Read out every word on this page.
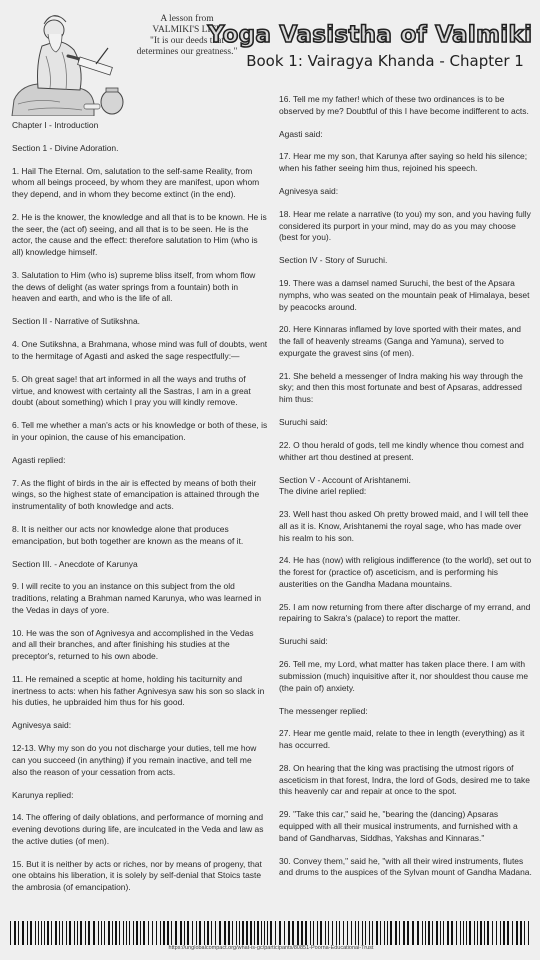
A lesson from
VALMIKI'S LIFE
"It is our deeds that
determines our greatness."
Yoga Vasistha of Valmiki
Book 1: Vairagya Khanda - Chapter 1

Chapter I - Introduction

Section 1 - Divine Adoration.

1. Hail The Eternal. Om, salutation to the self-same Reality, from whom all beings proceed, by whom they are manifest, upon whom they depend, and in whom they become extinct (in the end).

2. He is the knower, the knowledge and all that is to be known. He is the seer, the (act of) seeing, and all that is to be seen. He is the actor, the cause and the effect: therefore salutation to Him (who is all) knowledge himself.

3. Salutation to Him (who is) supreme bliss itself, from whom flow the dews of delight (as water springs from a fountain) both in heaven and earth, and who is the life of all.

Section II - Narrative of Sutikshna.

4. One Sutikshna, a Brahmana, whose mind was full of doubts, went to the hermitage of Agasti and asked the sage respectfully:—

5. Oh great sage! that art informed in all the ways and truths of virtue, and knowest with certainty all the Sastras, I am in a great doubt (about something) which I pray you will kindly remove.

6. Tell me whether a man's acts or his knowledge or both of these, is in your opinion, the cause of his emancipation.

Agasti replied:

7. As the flight of birds in the air is effected by means of both their wings, so the highest state of emancipation is attained through the instrumentality of both knowledge and acts.

8. It is neither our acts nor knowledge alone that produces emancipation, but both together are known as the means of it.

Section III. - Anecdote of Karunya

9. I will recite to you an instance on this subject from the old traditions, relating a Brahman named Karunya, who was learned in the Vedas in days of yore.

10. He was the son of Agnivesya and accomplished in the Vedas and all their branches, and after finishing his studies at the preceptor's, returned to his own abode.

11. He remained a sceptic at home, holding his taciturnity and inertness to acts: when his father Agnivesya saw his son so slack in his duties, he upbraided him thus for his good.

Agnivesya said:

12-13. Why my son do you not discharge your duties, tell me how can you succeed (in anything) if you remain inactive, and tell me also the reason of your cessation from acts.

Karunya replied:

14. The offering of daily oblations, and performance of morning and evening devotions during life, are inculcated in the Veda and law as the active duties (of men).

15. But it is neither by acts or riches, nor by means of progeny, that one obtains his liberation, it is solely by self-denial that Stoics taste the ambrosia (of emancipation).

16. Tell me my father! which of these two ordinances is to be observed by me? Doubtful of this I have become indifferent to acts.

Agasti said:

17. Hear me my son, that Karunya after saying so held his silence; when his father seeing him thus, rejoined his speech.

Agnivesya said:

18. Hear me relate a narrative (to you) my son, and you having fully considered its purport in your mind, may do as you may choose (best for you).

Section IV - Story of Suruchi.

19. There was a damsel named Suruchi, the best of the Apsara nymphs, who was seated on the mountain peak of Himalaya, beset by peacocks around.

20. Here Kinnaras inflamed by love sported with their mates, and the fall of heavenly streams (Ganga and Yamuna), served to expurgate the gravest sins (of men).

21. She beheld a messenger of Indra making his way through the sky; and then this most fortunate and best of Apsaras, addressed him thus:

Suruchi said:

22. O thou herald of gods, tell me kindly whence thou comest and whither art thou destined at present.

Section V - Account of Arishtanemi.

The divine ariel replied:

23. Well hast thou asked Oh pretty browed maid, and I will tell thee all as it is. Know, Arishtanemi the royal sage, who has made over his realm to his son.

24. He has (now) with religious indifference (to the world), set out to the forest for (practice of) asceticism, and is performing his austerities on the Gandha Madana mountains.

25. I am now returning from there after discharge of my errand, and repairing to Sakra's (palace) to report the matter.

Suruchi said:

26. Tell me, my Lord, what matter has taken place there. I am with submission (much) inquisitive after it, nor shouldest thou cause me (the pain of) anxiety.

The messenger replied:

27. Hear me gentle maid, relate to thee in length (everything) as it has occurred.

28. On hearing that the king was practising the utmost rigors of asceticism in that forest, Indra, the lord of Gods, desired me to take this heavenly car and repair at once to the spot.

29. "Take this car," said he, "bearing the (dancing) Apsaras equipped with all their musical instruments, and furnished with a band of Gandharvas, Siddhas, Yakshas and Kinnaras."

30. Convey them," said he, "with all their wired instruments, flutes and drums to the auspices of the Sylvan mount of Gandha Madana.

https://unglobalcompact.org/what-is-gc/participants/80851-Poorna-Educational-Trust
